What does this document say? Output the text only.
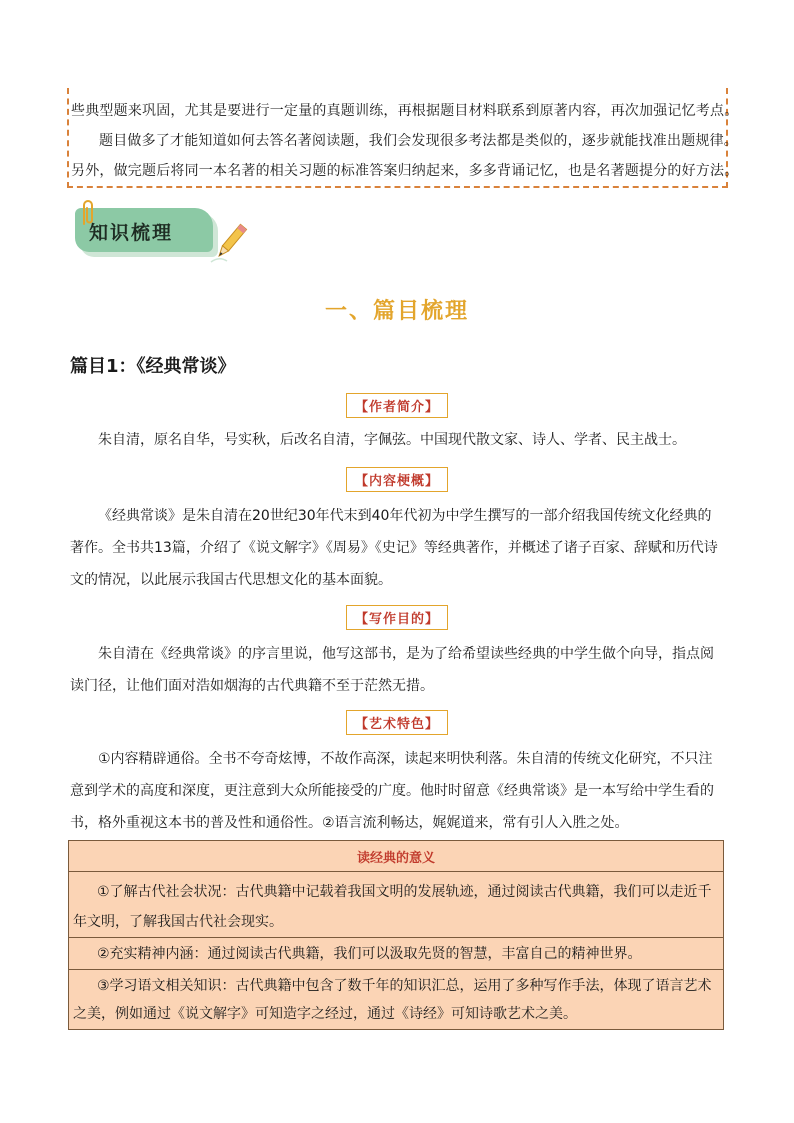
些典型题来巩固，尤其是要进行一定量的真题训练，再根据题目材料联系到原著内容，再次加强记忆考点。
题目做多了才能知道如何去答名著阅读题，我们会发现很多考法都是类似的，逐步就能找准出题规律。
另外，做完题后将同一本名著的相关习题的标准答案归纳起来，多多背诵记忆，也是名著题提分的好方法。
知识梳理
一、篇目梳理
篇目1：《经典常谈》
【作者简介】
朱自清，原名自华，号实秋，后改名自清，字佩弦。中国现代散文家、诗人、学者、民主战士。
【内容梗概】
《经典常谈》是朱自清在20世纪30年代末到40年代初为中学生撰写的一部介绍我国传统文化经典的
著作。全书共13篇，介绍了《说文解字》《周易》《史记》等经典著作，并概述了诸子百家、辞赋和历代诗
文的情况，以此展示我国古代思想文化的基本面貌。
【写作目的】
朱自清在《经典常谈》的序言里说，他写这部书，是为了给希望读些经典的中学生做个向导，指点阅
读门径，让他们面对浩如烟海的古代典籍不至于茫然无措。
【艺术特色】
①内容精辟通俗。全书不夸奇炫博，不故作高深，读起来明快利落。朱自清的传统文化研究，不只注
意到学术的高度和深度，更注意到大众所能接受的广度。他时时留意《经典常谈》是一本写给中学生看的
书，格外重视这本书的普及性和通俗性。②语言流利畅达，娓娓道来，常有引人入胜之处。
读经典的意义
①了解古代社会状况：古代典籍中记载着我国文明的发展轨迹，通过阅读古代典籍，我们可以走近千
年文明，了解我国古代社会现实。
②充实精神内涵：通过阅读古代典籍，我们可以汲取先贤的智慧，丰富自己的精神世界。
③学习语文相关知识：古代典籍中包含了数千年的知识汇总，运用了多种写作手法，体现了语言艺术
之美，例如通过《说文解字》可知造字之经过，通过《诗经》可知诗歌艺术之美。
